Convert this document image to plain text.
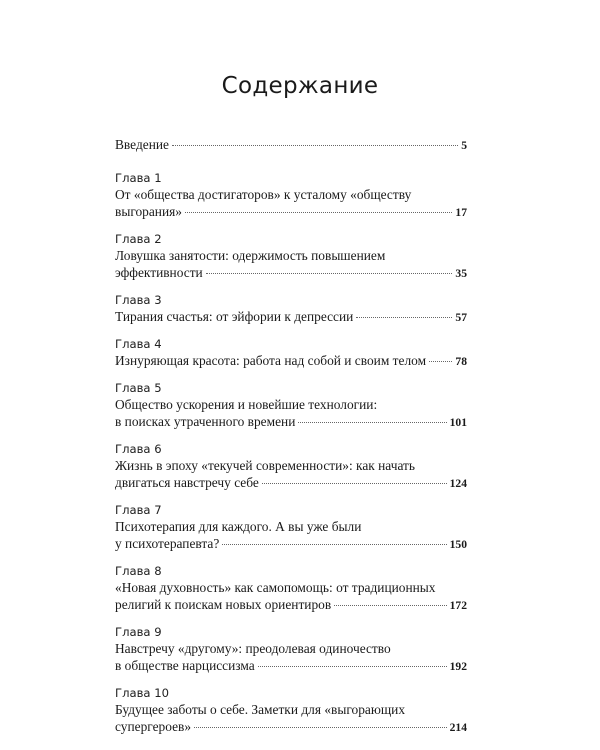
Содержание
Введение	5
Глава 1
От «общества достигаторов» к усталому «обществу
выгорания»	17
Глава 2
Ловушка занятости: одержимость повышением
эффективности	35
Глава 3
Тирания счастья: от эйфории к депрессии	57
Глава 4
Изнуряющая красота: работа над собой и своим телом	78
Глава 5
Общество ускорения и новейшие технологии:
в поисках утраченного времени	101
Глава 6
Жизнь в эпоху «текучей современности»: как начать
двигаться навстречу себе	124
Глава 7
Психотерапия для каждого. А вы уже были
у психотерапевта?	150
Глава 8
«Новая духовность» как самопомощь: от традиционных
религий к поискам новых ориентиров	172
Глава 9
Навстречу «другому»: преодолевая одиночество
в обществе нарциссизма	192
Глава 10
Будущее заботы о себе. Заметки для «выгорающих
супергероев»	214
